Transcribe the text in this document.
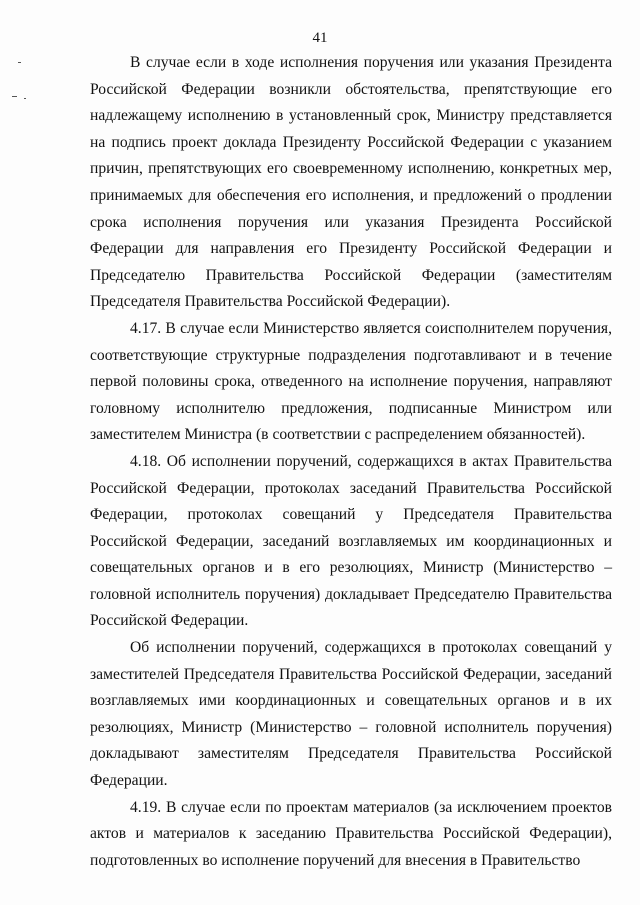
41

В случае если в ходе исполнения поручения или указания Президента Российской Федерации возникли обстоятельства, препятствующие его надлежащему исполнению в установленный срок, Министру представляется на подпись проект доклада Президенту Российской Федерации с указанием причин, препятствующих его своевременному исполнению, конкретных мер, принимаемых для обеспечения его исполнения, и предложений о продлении срока исполнения поручения или указания Президента Российской Федерации для направления его Президенту Российской Федерации и Председателю Правительства Российской Федерации (заместителям Председателя Правительства Российской Федерации).

4.17. В случае если Министерство является соисполнителем поручения, соответствующие структурные подразделения подготавливают и в течение первой половины срока, отведенного на исполнение поручения, направляют головному исполнителю предложения, подписанные Министром или заместителем Министра (в соответствии с распределением обязанностей).

4.18. Об исполнении поручений, содержащихся в актах Правительства Российской Федерации, протоколах заседаний Правительства Российской Федерации, протоколах совещаний у Председателя Правительства Российской Федерации, заседаний возглавляемых им координационных и совещательных органов и в его резолюциях, Министр (Министерство – головной исполнитель поручения) докладывает Председателю Правительства Российской Федерации.

Об исполнении поручений, содержащихся в протоколах совещаний у заместителей Председателя Правительства Российской Федерации, заседаний возглавляемых ими координационных и совещательных органов и в их резолюциях, Министр (Министерство – головной исполнитель поручения) докладывают заместителям Председателя Правительства Российской Федерации.

4.19. В случае если по проектам материалов (за исключением проектов актов и материалов к заседанию Правительства Российской Федерации), подготовленных во исполнение поручений для внесения в Правительство
